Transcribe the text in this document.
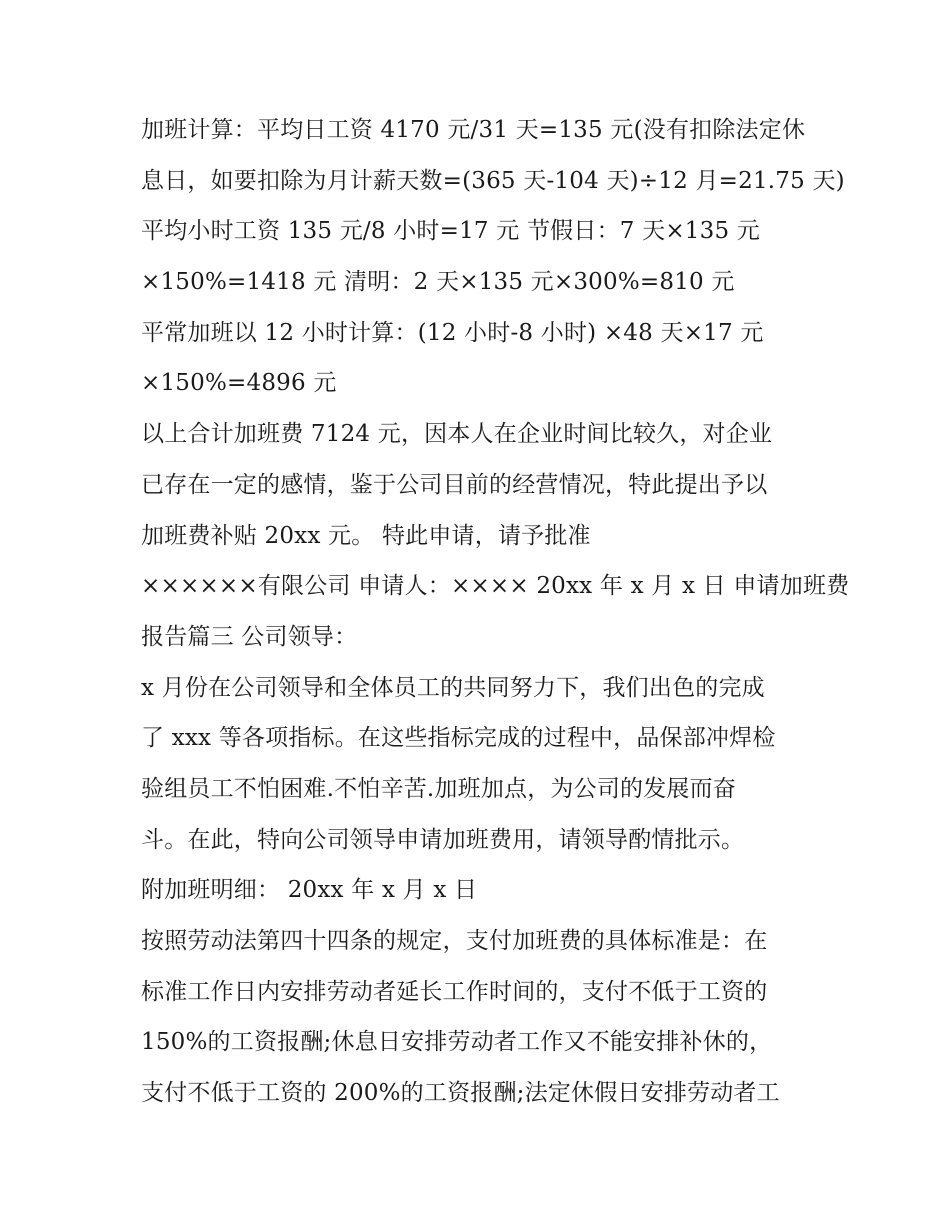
加班计算：平均日工资 4170 元/31 天=135 元(没有扣除法定休
息日，如要扣除为月计薪天数=(365 天-104 天)÷12 月=21.75 天)
平均小时工资 135 元/8 小时=17 元 节假日：7 天×135 元
×150%=1418 元 清明：2 天×135 元×300%=810 元
平常加班以 12 小时计算：(12 小时-8 小时) ×48 天×17 元
×150%=4896 元
以上合计加班费 7124 元，因本人在企业时间比较久，对企业
已存在一定的感情，鉴于公司目前的经营情况，特此提出予以
加班费补贴 20xx 元。 特此申请，请予批准
××××××有限公司 申请人：×××× 20xx 年 x 月 x 日 申请加班费
报告篇三 公司领导：
x 月份在公司领导和全体员工的共同努力下，我们出色的完成
了 xxx 等各项指标。在这些指标完成的过程中，品保部冲焊检
验组员工不怕困难.不怕辛苦.加班加点，为公司的发展而奋
斗。在此，特向公司领导申请加班费用，请领导酌情批示。
附加班明细： 20xx 年 x 月 x 日
按照劳动法第四十四条的规定，支付加班费的具体标准是：在
标准工作日内安排劳动者延长工作时间的，支付不低于工资的
150%的工资报酬;休息日安排劳动者工作又不能安排补休的，
支付不低于工资的 200%的工资报酬;法定休假日安排劳动者工
